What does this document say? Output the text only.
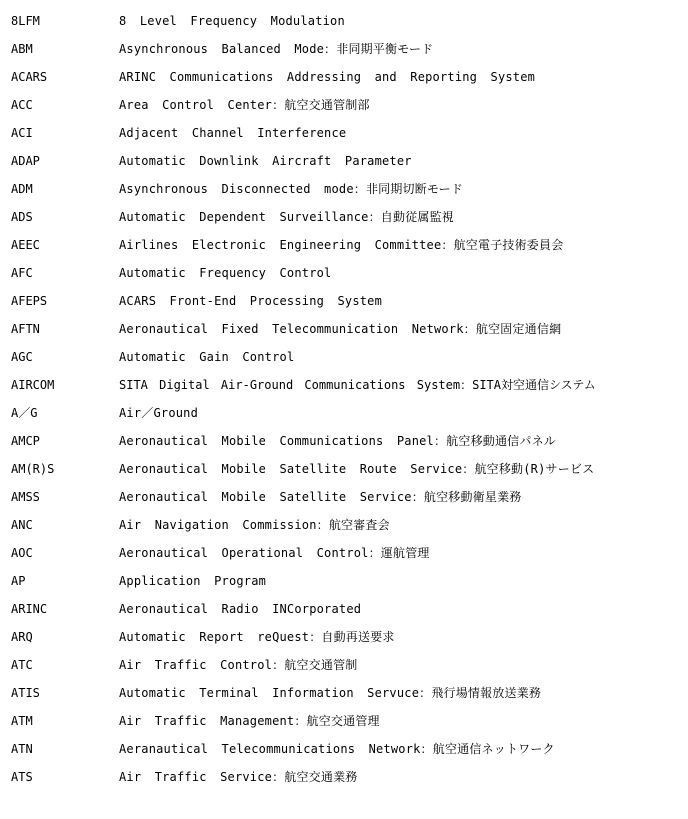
8LFM	8 Level Frequency Modulation
ABM	Asynchronous Balanced Mode：非同期平衡モード
ACARS	ARINC Communications Addressing and Reporting System
ACC	Area Control Center：航空交通管制部
ACI	Adjacent Channel Interference
ADAP	Automatic Downlink Aircraft Parameter
ADM	Asynchronous Disconnected mode：非同期切断モード
ADS	Automatic Dependent Surveillance：自動従属監視
AEEC	Airlines Electronic Engineering Committee：航空電子技術委員会
AFC	Automatic Frequency Control
AFEPS	ACARS Front-End Processing System
AFTN	Aeronautical Fixed Telecommunication Network：航空固定通信網
AGC	Automatic Gain Control
AIRCOM	SITA Digital Air-Ground Communications System：SITA対空通信システム
A／G	Air／Ground
AMCP	Aeronautical Mobile Communications Panel：航空移動通信パネル
AM(R)S	Aeronautical Mobile Satellite Route Service：航空移動(R)サービス
AMSS	Aeronautical Mobile Satellite Service：航空移動衛星業務
ANC	Air Navigation Commission：航空審査会
AOC	Aeronautical Operational Control：運航管理
AP	Application Program
ARINC	Aeronautical Radio INCorporated
ARQ	Automatic Report reQuest：自動再送要求
ATC	Air Traffic Control：航空交通管制
ATIS	Automatic Terminal Information Servuce：飛行場情報放送業務
ATM	Air Traffic Management：航空交通管理
ATN	Aeranautical Telecommunications Network：航空通信ネットワーク
ATS	Air Traffic Service：航空交通業務
